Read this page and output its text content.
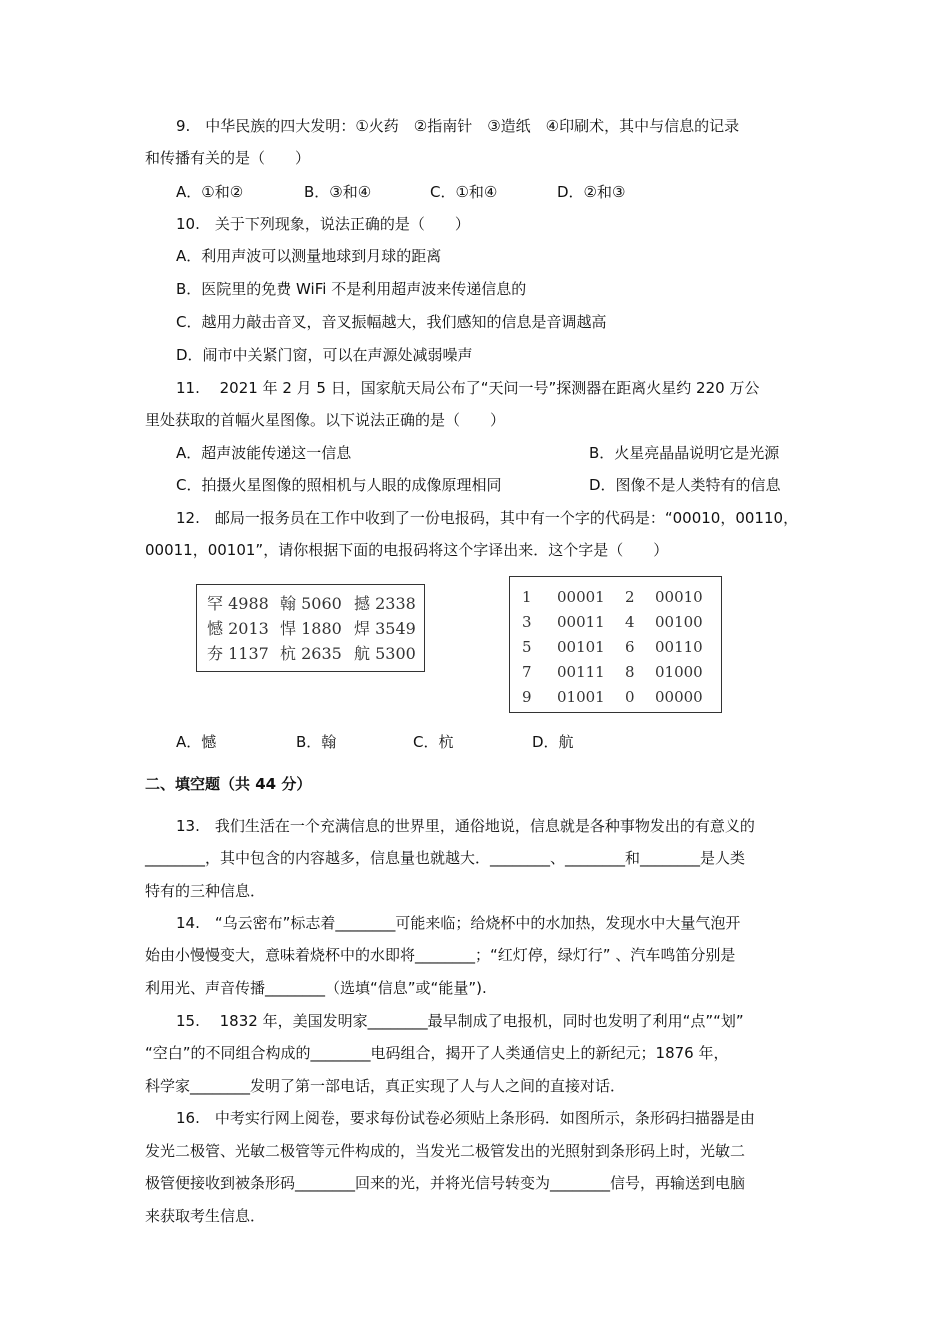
9.　中华民族的四大发明：①火药　②指南针　③造纸　④印刷术，其中与信息的记录
和传播有关的是（　　）
A．①和②	B．③和④	C．①和④	D．②和③
10.　关于下列现象，说法正确的是（　　）
A．利用声波可以测量地球到月球的距离
B．医院里的免费 WiFi 不是利用超声波来传递信息的
C．越用力敲击音叉，音叉振幅越大，我们感知的信息是音调越高
D．闹市中关紧门窗，可以在声源处减弱噪声
11.　 2021 年 2 月 5 日，国家航天局公布了“天问一号”探测器在距离火星约 220 万公
里处获取的首幅火星图像。以下说法正确的是（　　）
A．超声波能传递这一信息	B．火星亮晶晶说明它是光源
C．拍摄火星图像的照相机与人眼的成像原理相同	D．图像不是人类特有的信息
12.　邮局一报务员在工作中收到了一份电报码，其中有一个字的代码是：“00010，00110，
00011，00101”，请你根据下面的电报码将这个字译出来．这个字是（　　）
罕 4988	翰 5060	撼 2338
憾 2013	悍 1880	焊 3549
夯 1137	杭 2635	航 5300
1	00001	2	00010
3	00011	4	00100
5	00101	6	00110
7	00111	8	01000
9	01001	0	00000
A．憾	B．翰	C．杭	D．航
二、填空题（共 44 分）
13.　我们生活在一个充满信息的世界里，通俗地说，信息就是各种事物发出的有意义的
________，其中包含的内容越多，信息量也就越大．________、________和________是人类
特有的三种信息．
14.　“乌云密布”标志着________可能来临；给烧杯中的水加热，发现水中大量气泡开
始由小慢慢变大，意味着烧杯中的水即将________；“红灯停，绿灯行” 、汽车鸣笛分别是
利用光、声音传播________（选填“信息”或“能量”).
15.　 1832 年，美国发明家________最早制成了电报机，同时也发明了利用“点”“划”
“空白”的不同组合构成的________电码组合，揭开了人类通信史上的新纪元；1876 年，
科学家________发明了第一部电话，真正实现了人与人之间的直接对话．
16.　中考实行网上阅卷，要求每份试卷必须贴上条形码．如图所示，条形码扫描器是由
发光二极管、光敏二极管等元件构成的，当发光二极管发出的光照射到条形码上时，光敏二
极管便接收到被条形码________回来的光，并将光信号转变为________信号，再输送到电脑
来获取考生信息．
